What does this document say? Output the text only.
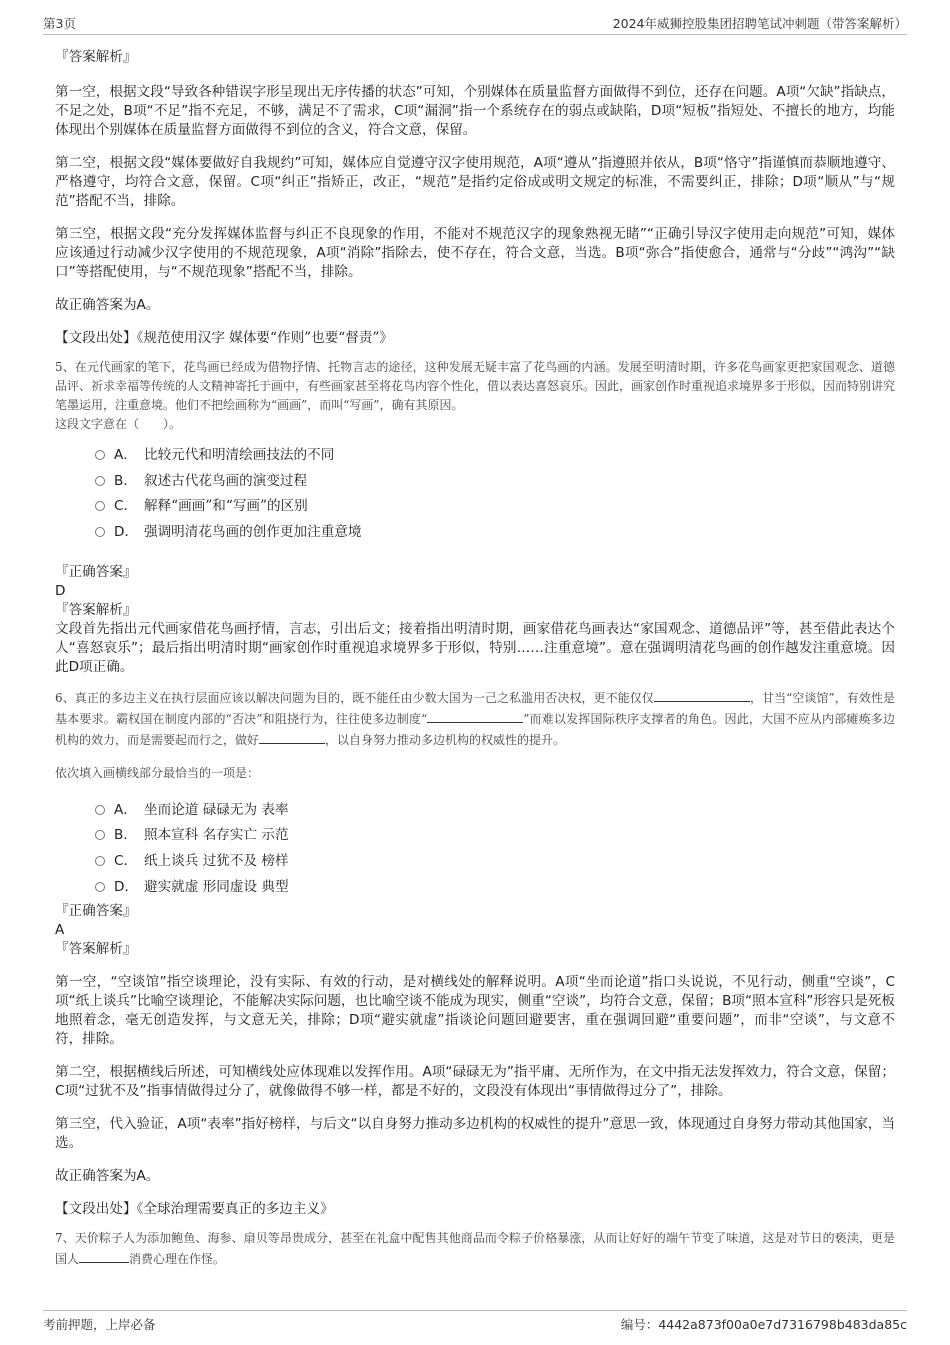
第3页	2024年威狮控股集团招聘笔试冲刺题（带答案解析）

『答案解析』

第一空，根据文段“导致各种错误字形呈现出无序传播的状态”可知，个别媒体在质量监督方面做得不到位，还存在问题。A项“欠缺”指缺点，不足之处，B项“不足”指不充足，不够，满足不了需求，C项“漏洞”指一个系统存在的弱点或缺陷，D项“短板”指短处、不擅长的地方，均能体现出个别媒体在质量监督方面做得不到位的含义，符合文意，保留。

第二空，根据文段“媒体要做好自我规约”可知，媒体应自觉遵守汉字使用规范，A项“遵从”指遵照并依从，B项“恪守”指谨慎而恭顺地遵守、严格遵守，均符合文意，保留。C项“纠正”指矫正，改正，“规范”是指约定俗成或明文规定的标准，不需要纠正，排除；D项“顺从”与“规范”搭配不当，排除。

第三空，根据文段“充分发挥媒体监督与纠正不良现象的作用，不能对不规范汉字的现象熟视无睹”“正确引导汉字使用走向规范”可知，媒体应该通过行动减少汉字使用的不规范现象，A项“消除”指除去，使不存在，符合文意，当选。B项“弥合”指使愈合，通常与“分歧”“鸿沟”“缺口”等搭配使用，与“不规范现象”搭配不当，排除。

故正确答案为A。

【文段出处】《规范使用汉字 媒体要“作则”也要“督责”》

5、在元代画家的笔下，花鸟画已经成为借物抒情、托物言志的途径，这种发展无疑丰富了花鸟画的内涵。发展至明清时期，许多花鸟画家更把家国观念、道德品评、祈求幸福等传统的人文精神寄托于画中，有些画家甚至将花鸟内容个性化，借以表达喜怒哀乐。因此，画家创作时重视追求境界多于形似，因而特别讲究笔墨运用，注重意境。他们不把绘画称为“画画”，而叫“写画”，确有其原因。

这段文字意在（　　）。

A． 比较元代和明清绘画技法的不同
B． 叙述古代花鸟画的演变过程
C． 解释“画画”和“写画”的区别
D． 强调明清花鸟画的创作更加注重意境

『正确答案』

D

『答案解析』

文段首先指出元代画家借花鸟画抒情，言志，引出后文；接着指出明清时期，画家借花鸟画表达“家国观念、道德品评”等，甚至借此表达个人“喜怒哀乐”；最后指出明清时期“画家创作时重视追求境界多于形似，特别……注重意境”。意在强调明清花鸟画的创作越发注重意境。因此D项正确。

6、真正的多边主义在执行层面应该以解决问题为目的，既不能任由少数大国为一己之私滥用否决权，更不能仅仅	，甘当“空谈馆”，有效性是基本要求。霸权国在制度内部的“否决”和阻挠行为，往往使多边制度“	”而难以发挥国际秩序支撑者的角色。因此，大国不应从内部瘫痪多边机构的效力，而是需要起而行之，做好	，以自身努力推动多边机构的权威性的提升。

依次填入画横线部分最恰当的一项是：

A． 坐而论道 碌碌无为 表率
B． 照本宣科 名存实亡 示范
C． 纸上谈兵 过犹不及 榜样
D． 避实就虚 形同虚设 典型

『正确答案』

A

『答案解析』

第一空，“空谈馆”指空谈理论，没有实际、有效的行动，是对横线处的解释说明。A项“坐而论道”指口头说说，不见行动，侧重“空谈”，C项“纸上谈兵”比喻空谈理论，不能解决实际问题，也比喻空谈不能成为现实，侧重“空谈”，均符合文意，保留；B项“照本宣科”形容只是死板地照着念，毫无创造发挥，与文意无关，排除；D项“避实就虚”指谈论问题回避要害，重在强调回避“重要问题”，而非“空谈”，与文意不符，排除。

第二空，根据横线后所述，可知横线处应体现难以发挥作用。A项“碌碌无为”指平庸、无所作为，在文中指无法发挥效力，符合文意，保留；C项“过犹不及”指事情做得过分了，就像做得不够一样，都是不好的，文段没有体现出“事情做得过分了”，排除。

第三空，代入验证，A项“表率”指好榜样，与后文“以自身努力推动多边机构的权威性的提升”意思一致，体现通过自身努力带动其他国家，当选。

故正确答案为A。

【文段出处】《全球治理需要真正的多边主义》

7、天价粽子人为添加鲍鱼、海参、扇贝等昂贵成分，甚至在礼盒中配售其他商品而令粽子价格暴涨，从而让好好的端午节变了味道，这是对节日的亵渎，更是国人	消费心理在作怪。

考前押题，上岸必备	编号：4442a873f00a0e7d7316798b483da85c
